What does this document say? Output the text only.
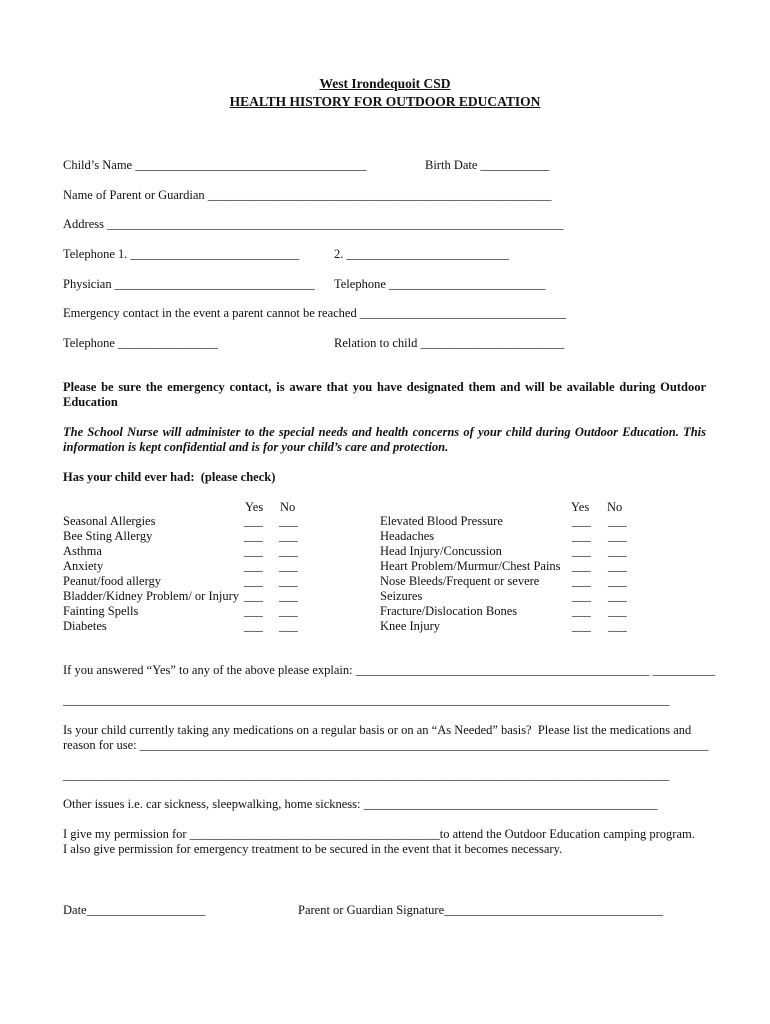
West Irondequoit CSD
HEALTH HISTORY FOR OUTDOOR EDUCATION
Child’s Name _____________________________________	Birth Date ___________
Name of Parent or Guardian _______________________________________________________
Address _________________________________________________________________________
Telephone 1. ___________________________	2. __________________________
Physician ________________________________ Telephone _________________________
Emergency contact in the event a parent cannot be reached _________________________________
Telephone ________________	Relation to child _______________________
Please be sure the emergency contact, is aware that you have designated them and will be available during Outdoor Education
The School Nurse will administer to the special needs and health concerns of your child during Outdoor Education. This information is kept confidential and is for your child’s care and protection.
Has your child ever had:  (please check)
Yes No	Yes No
Seasonal Allergies	___ ___
Bee Sting Allergy	___ ___
Asthma	___ ___
Anxiety	___ ___
Peanut/food allergy	___ ___
Bladder/Kidney Problem/ or Injury ___ ___
Fainting Spells	___ ___
Diabetes	___ ___
Elevated Blood Pressure	___ ___
Headaches	___ ___
Head Injury/Concussion	___ ___
Heart Problem/Murmur/Chest Pains ___ ___
Nose Bleeds/Frequent or severe	___ ___
Seizures	___ ___
Fracture/Dislocation Bones	___ ___
Knee Injury	___ ___
If you answered “Yes” to any of the above please explain: _______________________________________________ __________
_________________________________________________________________________________________________
Is your child currently taking any medications on a regular basis or on an “As Needed” basis?  Please list the medications and
reason for use: ___________________________________________________________________________________________
_________________________________________________________________________________________________
Other issues i.e. car sickness, sleepwalking, home sickness: _______________________________________________
I give my permission for ________________________________________to attend the Outdoor Education camping program.
I also give permission for emergency treatment to be secured in the event that it becomes necessary.
Date___________________	Parent or Guardian Signature___________________________________
